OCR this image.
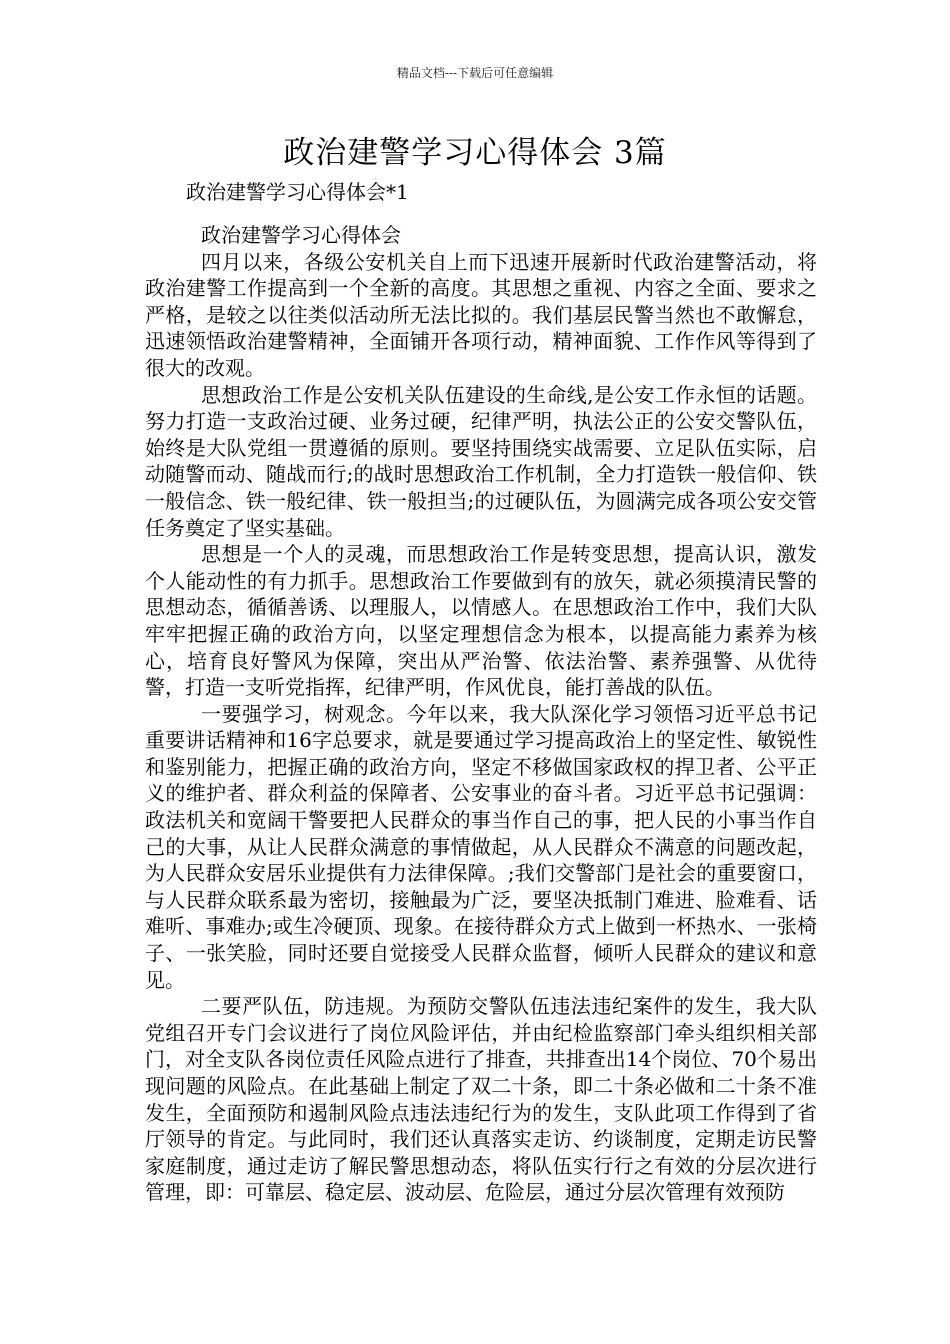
精品文档---下载后可任意编辑
政治建警学习心得体会 3篇
政治建警学习心得体会*1

政治建警学习心得体会

四月以来，各级公安机关自上而下迅速开展新时代政治建警活动，将政治建警工作提高到一个全新的高度。其思想之重视、内容之全面、要求之严格，是较之以往类似活动所无法比拟的。我们基层民警当然也不敢懈怠，迅速领悟政治建警精神，全面铺开各项行动，精神面貌、工作作风等得到了很大的改观。

思想政治工作是公安机关队伍建设的生命线,是公安工作永恒的话题。努力打造一支政治过硬、业务过硬，纪律严明，执法公正的公安交警队伍，始终是大队党组一贯遵循的原则。要坚持围绕实战需要、立足队伍实际，启动随警而动、随战而行;的战时思想政治工作机制，全力打造铁一般信仰、铁一般信念、铁一般纪律、铁一般担当;的过硬队伍，为圆满完成各项公安交管任务奠定了坚实基础。

思想是一个人的灵魂，而思想政治工作是转变思想，提高认识，激发个人能动性的有力抓手。思想政治工作要做到有的放矢，就必须摸清民警的思想动态，循循善诱、以理服人，以情感人。在思想政治工作中，我们大队牢牢把握正确的政治方向，以坚定理想信念为根本，以提高能力素养为核心，培育良好警风为保障，突出从严治警、依法治警、素养强警、从优待警，打造一支听党指挥，纪律严明，作风优良，能打善战的队伍。

一要强学习，树观念。今年以来，我大队深化学习领悟习近平总书记重要讲话精神和16字总要求，就是要通过学习提高政治上的坚定性、敏锐性和鉴别能力，把握正确的政治方向，坚定不移做国家政权的捍卫者、公平正义的维护者、群众利益的保障者、公安事业的奋斗者。习近平总书记强调：政法机关和宽阔干警要把人民群众的事当作自己的事，把人民的小事当作自己的大事，从让人民群众满意的事情做起，从人民群众不满意的问题改起，为人民群众安居乐业提供有力法律保障。;我们交警部门是社会的重要窗口，与人民群众联系最为密切，接触最为广泛，要坚决抵制门难进、脸难看、话难听、事难办;或生冷硬顶、现象。在接待群众方式上做到一杯热水、一张椅子、一张笑脸，同时还要自觉接受人民群众监督，倾听人民群众的建议和意见。

二要严队伍，防违规。为预防交警队伍违法违纪案件的发生，我大队党组召开专门会议进行了岗位风险评估，并由纪检监察部门牵头组织相关部门，对全支队各岗位责任风险点进行了排查，共排查出14个岗位、70个易出现问题的风险点。在此基础上制定了双二十条，即二十条必做和二十条不准发生，全面预防和遏制风险点违法违纪行为的发生，支队此项工作得到了省厅领导的肯定。与此同时，我们还认真落实走访、约谈制度，定期走访民警家庭制度，通过走访了解民警思想动态，将队伍实行行之有效的分层次进行管理，即：可靠层、稳定层、波动层、危险层，通过分层次管理有效预防
